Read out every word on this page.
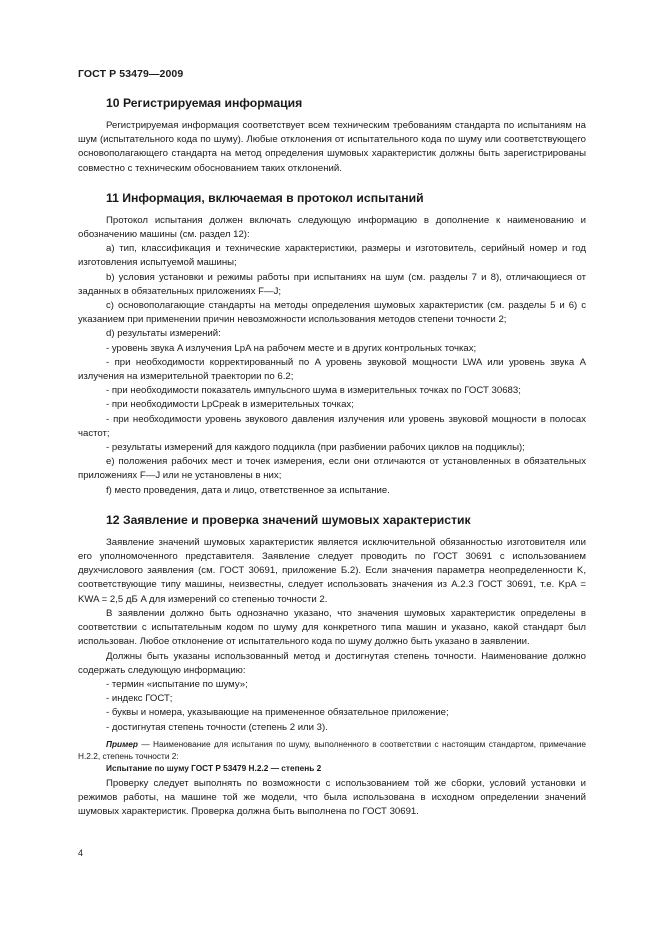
ГОСТ Р 53479—2009
10 Регистрируемая информация

Регистрируемая информация соответствует всем техническим требованиям стандарта по испытаниям на шум (испытательного кода по шуму). Любые отклонения от испытательного кода по шуму или соответствующего основополагающего стандарта на метод определения шумовых характеристик должны быть зарегистрированы совместно с техническим обоснованием таких отклонений.

11 Информация, включаемая в протокол испытаний

Протокол испытания должен включать следующую информацию в дополнение к наименованию и обозначению машины (см. раздел 12):

a) тип, классификация и технические характеристики, размеры и изготовитель, серийный номер и год изготовления испытуемой машины;

b) условия установки и режимы работы при испытаниях на шум (см. разделы 7 и 8), отличающиеся от заданных в обязательных приложениях F—J;

c) основополагающие стандарты на методы определения шумовых характеристик (см. разделы 5 и 6) с указанием при применении причин невозможности использования методов степени точности 2;

d) результаты измерений:

- уровень звука A излучения LpA на рабочем месте и в других контрольных точках;

- при необходимости корректированный по A уровень звуковой мощности LWA или уровень звука A излучения на измерительной траектории по 6.2;

- при необходимости показатель импульсного шума в измерительных точках по ГОСТ 30683;

- при необходимости LpCpeak в измерительных точках;

- при необходимости уровень звукового давления излучения или уровень звуковой мощности в полосах частот;

- результаты измерений для каждого подцикла (при разбиении рабочих циклов на подциклы);

e) положения рабочих мест и точек измерения, если они отличаются от установленных в обязательных приложениях F—J или не установлены в них;

f) место проведения, дата и лицо, ответственное за испытание.

12 Заявление и проверка значений шумовых характеристик

Заявление значений шумовых характеристик является исключительной обязанностью изготовителя или его уполномоченного представителя. Заявление следует проводить по ГОСТ 30691 с использованием двухчислового заявления (см. ГОСТ 30691, приложение Б.2). Если значения параметра неопределенности K, соответствующие типу машины, неизвестны, следует использовать значения из А.2.3 ГОСТ 30691, т.е. KpA = KWA = 2,5 дБ A для измерений со степенью точности 2.

В заявлении должно быть однозначно указано, что значения шумовых характеристик определены в соответствии с испытательным кодом по шуму для конкретного типа машин и указано, какой стандарт был использован. Любое отклонение от испытательного кода по шуму должно быть указано в заявлении.

Должны быть указаны использованный метод и достигнутая степень точности. Наименование должно содержать следующую информацию:

- термин «испытание по шуму»;

- индекс ГОСТ;

- буквы и номера, указывающие на примененное обязательное приложение;

- достигнутая степень точности (степень 2 или 3).

Пример — Наименование для испытания по шуму, выполненного в соответствии с настоящим стандартом, примечание Н.2.2, степень точности 2:
Испытание по шуму ГОСТ Р 53479 Н.2.2 — степень 2

Проверку следует выполнять по возможности с использованием той же сборки, условий установки и режимов работы, на машине той же модели, что была использована в исходном определении значений шумовых характеристик. Проверка должна быть выполнена по ГОСТ 30691.

4
